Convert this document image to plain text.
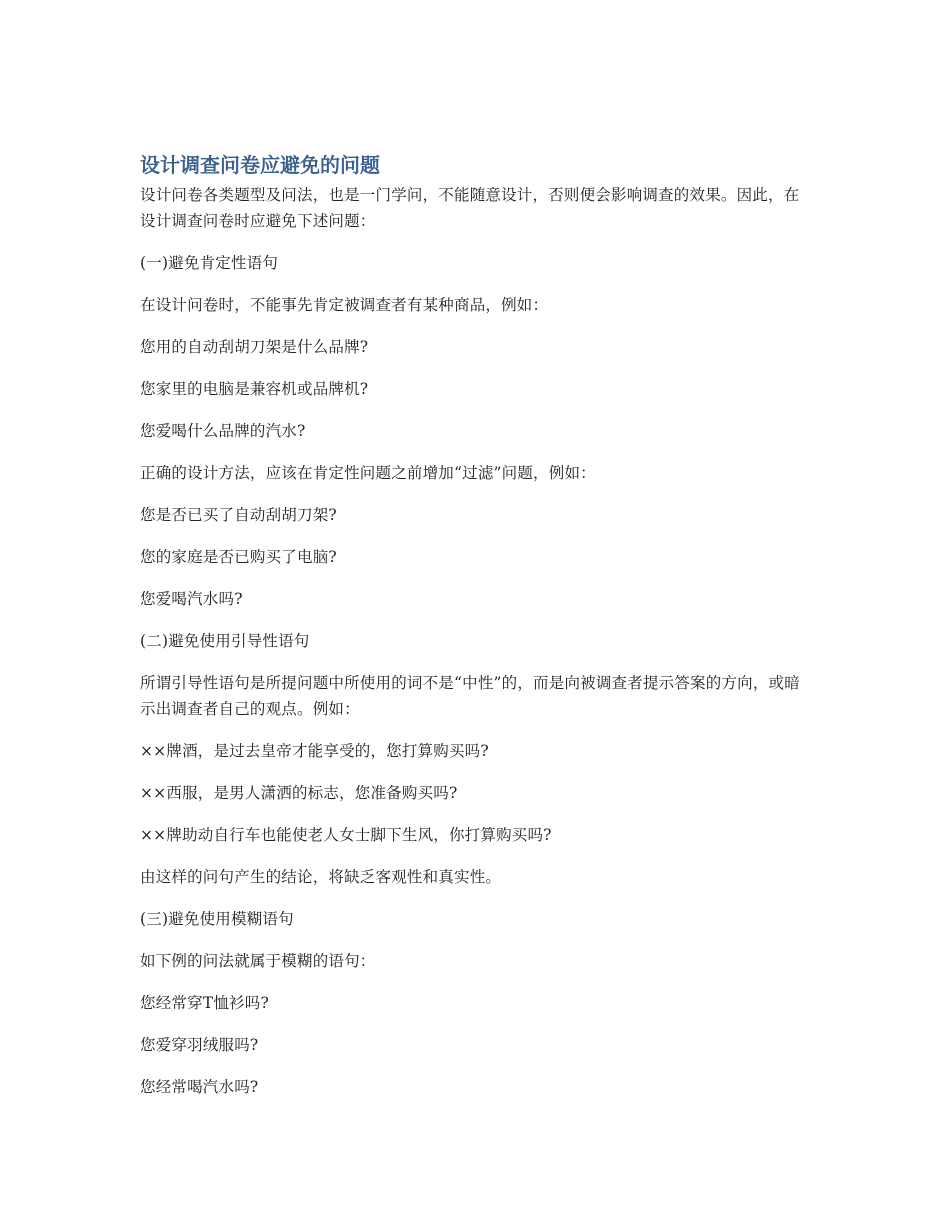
设计调查问卷应避免的问题

设计问卷各类题型及问法，也是一门学问，不能随意设计，否则便会影响调查的效果。因此，在设计调查问卷时应避免下述问题：

(一)避免肯定性语句

在设计问卷时，不能事先肯定被调查者有某种商品，例如：

您用的自动刮胡刀架是什么品牌?

您家里的电脑是兼容机或品牌机?

您爱喝什么品牌的汽水?

正确的设计方法，应该在肯定性问题之前增加“过滤”问题，例如：

您是否已买了自动刮胡刀架?

您的家庭是否已购买了电脑?

您爱喝汽水吗?

(二)避免使用引导性语句

所谓引导性语句是所提问题中所使用的词不是“中性”的，而是向被调查者提示答案的方向，或暗示出调查者自己的观点。例如：

××牌酒，是过去皇帝才能享受的，您打算购买吗?

××西服，是男人潇洒的标志，您准备购买吗?

××牌助动自行车也能使老人女士脚下生风，你打算购买吗?

由这样的问句产生的结论，将缺乏客观性和真实性。

(三)避免使用模糊语句

如下例的问法就属于模糊的语句：

您经常穿T恤衫吗?

您爱穿羽绒服吗?

您经常喝汽水吗?
